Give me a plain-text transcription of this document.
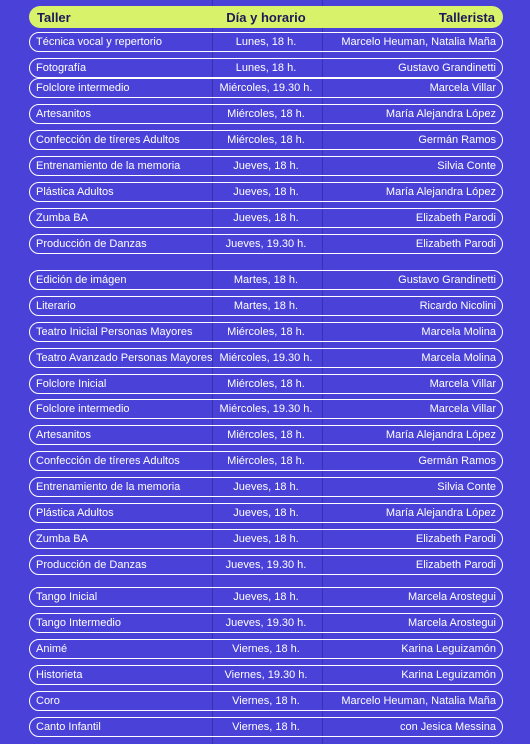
Taller	Día y horario	Tallerista
Técnica vocal y repertorio	Lunes, 18 h.	Marcelo Heuman, Natalia Maña
Fotografía	Lunes, 18 h.	Gustavo Grandinetti
Folclore intermedio	Miércoles, 19.30 h.	Marcela Villar
Artesanitos	Miércoles, 18 h.	María Alejandra López
Confección de tíreres Adultos	Miércoles, 18 h.	Germán Ramos
Entrenamiento de la memoria	Jueves, 18 h.	Silvia Conte
Plástica Adultos	Jueves, 18 h.	María Alejandra López
Zumba BA	Jueves, 18 h.	Elizabeth Parodi
Producción de Danzas	Jueves, 19.30 h.	Elizabeth Parodi
Edición de imágen	Martes, 18 h.	Gustavo Grandinetti
Literario	Martes, 18 h.	Ricardo Nicolini
Teatro Inicial Personas Mayores	Miércoles, 18 h.	Marcela Molina
Teatro Avanzado Personas Mayores Miércoles, 19.30 h.	Marcela Molina
Folclore Inicial	Miércoles, 18 h.	Marcela Villar
Folclore intermedio	Miércoles, 19.30 h.	Marcela Villar
Artesanitos	Miércoles, 18 h.	María Alejandra López
Confección de tíreres Adultos	Miércoles, 18 h.	Germán Ramos
Entrenamiento de la memoria	Jueves, 18 h.	Silvia Conte
Plástica Adultos	Jueves, 18 h.	María Alejandra López
Zumba BA	Jueves, 18 h.	Elizabeth Parodi
Producción de Danzas	Jueves, 19.30 h.	Elizabeth Parodi
Tango Inicial	Jueves, 18 h.	Marcela Arostegui
Tango Intermedio	Jueves, 19.30 h.	Marcela Arostegui
Animé	Viernes, 18 h.	Karina Leguizamón
Historieta	Viernes, 19.30 h.	Karina Leguizamón
Coro	Viernes, 18 h.	Marcelo Heuman, Natalia Maña
Canto Infantil	Viernes, 18 h.	con Jesica Messina
